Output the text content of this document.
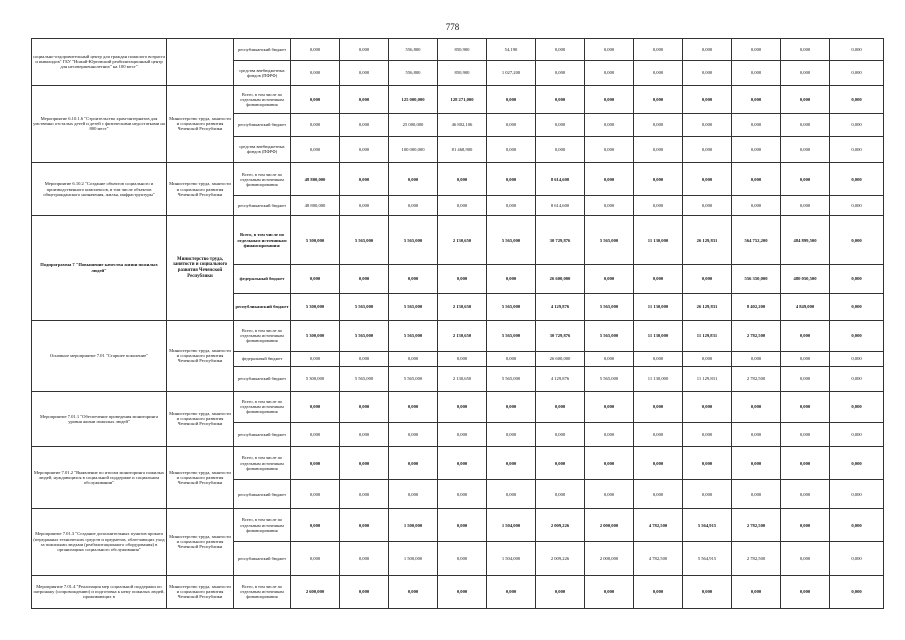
778
социально-оздоровительный центр для граждан пожилого возраста и инвалидов" ГБУ "Ножай-Юртовский реабилитационный центр для несовершеннолетних" на 100 мест"		республиканский бюджет	0,000	0,000	556,800	850,900	54,190	0,000	0,000	0,000	0,000	0,000	0,000	0,000
		средства внебюджетных фондов (ПФРФ)	0,000	0,000	556,800	850,900	1 027,200	0,000	0,000	0,000	0,000	0,000	0,000	0,000
Мероприятие 6.10.1.6 "Строительство храм-интернатов для умственно отсталых детей и детей с физическими недостатками на 800 мест"	Министерство труда, занятости и социального развития Чеченской Республики	Всего, в том числе по отдельным источникам финансирования	0,000	0,000	125 000,000	128 271,000	0,000	0,000	0,000	0,000	0,000	0,000	0,000	0,000
		республиканский бюджет	0,000	0,000	25 000,000	46 802,106	0,000	0,000	0,000	0,000	0,000	0,000	0,000	0,000
		средства внебюджетных фондов (ПФРФ)	0,000	0,000	100 000,000	81 468,900	0,000	0,000	0,000	0,000	0,000	0,000	0,000	0,000
Мероприятие 6.10.2 "Создание объектов социального и производственного комплексов, в том числе объектов общегражданского назначения, жилья, инфраструктуры"	Министерство труда, занятости и социального развития Чеченской Республики	Всего, в том числе по отдельным источникам финансирования	48 800,000	0,000	0,000	0,000	0,000	8 614,600	0,000	0,000	0,000	0,000	0,000	0,000
		республиканский бюджет	48 800,000	0,000	0,000	0,000	0,000	8 614,600	0,000	0,000	0,000	0,000	0,000	0,000
Подпрограмма 7 "Повышение качества жизни пожилых людей"	Министерство труда, занятости и социального развития Чеченской Республики	Всего, в том числе по отдельным источникам финансирования:	5 300,000	5 565,000	5 565,000	2 130,650	5 565,000	30 729,876	5 565,000	11 130,000	26 129,831	564 752,200	484 899,500	0,000
		федеральный бюджет	0,000	0,000	0,000	0,000	0,000	26 600,000	0,000	0,000	0,000	556 350,000	480 050,500	0,000
		республиканский бюджет	5 300,000	5 565,000	5 565,000	2 130,650	5 565,000	4 129,876	5 565,000	11 130,000	26 129,831	8 402,200	4 849,000	0,000
Основное мероприятие 7.01 "Старшее поколение"	Министерство труда, занятости и социального развития Чеченской Республики	Всего, в том числе по отдельным источникам финансирования	5 300,000	5 565,000	5 565,000	2 130,650	5 565,000	30 729,876	5 565,000	11 130,000	11 129,831	2 782,500	0,000	0,000
		федеральный бюджет	0,000	0,000	0,000	0,000	0,000	26 600,000	0,000	0,000	0,000	0,000	0,000	0,000
		республиканский бюджет	5 300,000	5 565,000	5 565,000	2 130,650	5 565,000	4 129,876	5 565,000	11 130,000	11 129,831	2 782,500	0,000	0,000
Мероприятие 7.01.1 "Обеспечение проведения мониторинга уровня жизни пожилых людей"	Министерство труда, занятости и социального развития Чеченской Республики	Всего, в том числе по отдельным источникам финансирования	0,000	0,000	0,000	0,000	0,000	0,000	0,000	0,000	0,000	0,000	0,000	0,000
		республиканский бюджет	0,000	0,000	0,000	0,000	0,000	0,000	0,000	0,000	0,000	0,000	0,000	0,000
Мероприятие 7.01.2 "Выявление по итогам мониторинга пожилых людей, нуждающихся в социальной поддержке и социальном обслуживании"	Министерство труда, занятости и социального развития Чеченской Республики	Всего, в том числе по отдельным источникам финансирования	0,000	0,000	0,000	0,000	0,000	0,000	0,000	0,000	0,000	0,000	0,000	0,000
		республиканский бюджет	0,000	0,000	0,000	0,000	0,000	0,000	0,000	0,000	0,000	0,000	0,000	0,000
Мероприятие 7.01.3 "Создание дополнительных пунктов проката (переданных технических средств и предметов, облегчающих уход за пожилыми людьми (реабилитационного оборудования) в организациях социального обслуживания"	Министерство труда, занятости и социального развития Чеченской Республики	Всего, в том числе по отдельным источникам финансирования	0,000	0,000	1 500,000	0,000	1 504,000	2 009,226	2 000,000	4 782,500	5 564,915	2 782,500	0,000	0,000
		республиканский бюджет	0,000	0,000	1 500,000	0,000	1 504,000	2 009,226	2 000,000	4 782,500	5 564,915	2 782,500	0,000	0,000
Мероприятие 7.01.4 "Реализация мер социальной поддержки по патронажу (сопровождению) и подготовка к нему пожилых людей, проживающих в	Министерство труда, занятости и социального развития Чеченской Республики	Всего, в том числе по отдельным источникам финансирования	2 600,000	0,000	0,000	0,000	0,000	0,000	0,000	0,000	0,000	0,000	0,000	0,000
